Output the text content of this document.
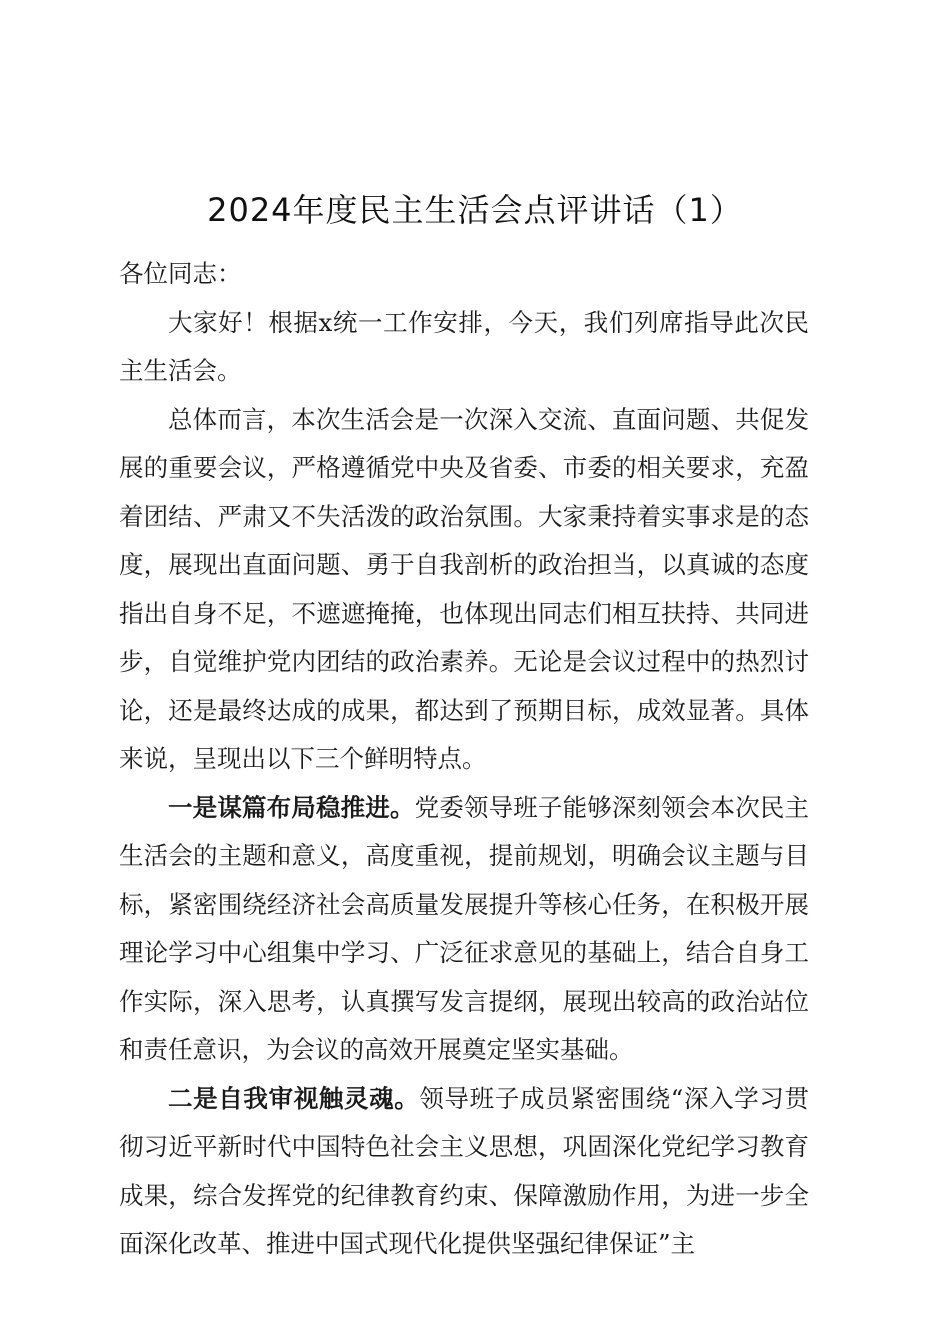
2024年度民主生活会点评讲话（1）

各位同志：

大家好！根据x统一工作安排，今天，我们列席指导此次民主生活会。

总体而言，本次生活会是一次深入交流、直面问题、共促发展的重要会议，严格遵循党中央及省委、市委的相关要求，充盈着团结、严肃又不失活泼的政治氛围。大家秉持着实事求是的态度，展现出直面问题、勇于自我剖析的政治担当，以真诚的态度指出自身不足，不遮遮掩掩，也体现出同志们相互扶持、共同进步，自觉维护党内团结的政治素养。无论是会议过程中的热烈讨论，还是最终达成的成果，都达到了预期目标，成效显著。具体来说，呈现出以下三个鲜明特点。

一是谋篇布局稳推进。党委领导班子能够深刻领会本次民主生活会的主题和意义，高度重视，提前规划，明确会议主题与目标，紧密围绕经济社会高质量发展提升等核心任务，在积极开展理论学习中心组集中学习、广泛征求意见的基础上，结合自身工作实际，深入思考，认真撰写发言提纲，展现出较高的政治站位和责任意识，为会议的高效开展奠定坚实基础。

二是自我审视触灵魂。领导班子成员紧密围绕“深入学习贯彻习近平新时代中国特色社会主义思想，巩固深化党纪学习教育成果，综合发挥党的纪律教育约束、保障激励作用，为进一步全面深化改革、推进中国式现代化提供坚强纪律保证”主
